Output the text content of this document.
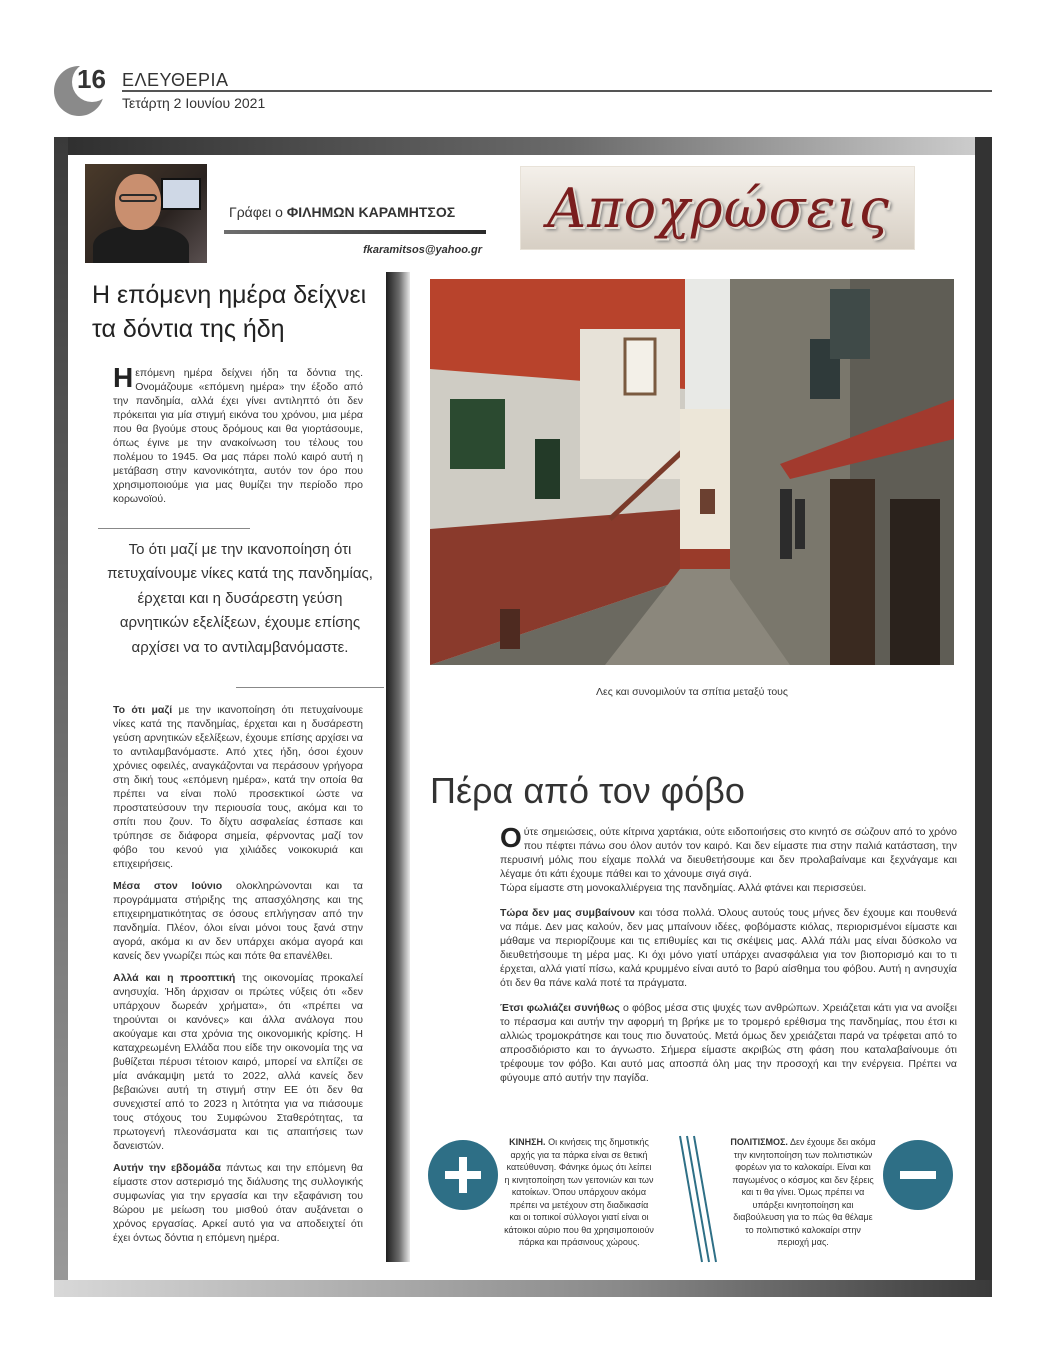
16 ΕΛΕΥΘΕΡΙΑ
Τετάρτη 2 Ιουνίου 2021
Γράφει ο ΦΙΛΗΜΩΝ ΚΑΡΑΜΗΤΣΟΣ
fkaramitsos@yahoo.gr
Αποχρώσεις
Η επόμενη ημέρα δείχνει τα δόντια της ήδη

Ηεπόμενη ημέρα δείχνει ήδη τα δόντια της. Ονομάζουμε «επόμενη ημέρα» την έξοδο από την πανδημία, αλλά έχει γίνει αντιληπτό ότι δεν πρόκειται για μία στιγμή εικόνα του χρόνου, μια μέρα που θα βγούμε στους δρόμους και θα γιορτάσουμε, όπως έγινε με την ανακοίνωση του τέλους του πολέμου το 1945. Θα μας πάρει πολύ καιρό αυτή η μετάβαση στην κανονικότητα, αυτόν τον όρο που χρησιμοποιούμε για μας θυμίζει την περίοδο προ κορωνοϊού.

Το ότι μαζί με την ικανοποίηση ότι πετυχαίνουμε νίκες κατά της πανδημίας, έρχεται και η δυσάρεστη γεύση αρνητικών εξελίξεων, έχουμε επίσης αρχίσει να το αντιλαμβανόμαστε.

Το ότι μαζί με την ικανοποίηση ότι πετυχαίνουμε νίκες κατά της πανδημίας, έρχεται και η δυσάρεστη γεύση αρνητικών εξελίξεων, έχουμε επίσης αρχίσει να το αντιλαμβανόμαστε. Από χτες ήδη, όσοι έχουν χρόνιες οφειλές, αναγκάζονται να περάσουν γρήγορα στη δική τους «επόμενη ημέρα», κατά την οποία θα πρέπει να είναι πολύ προσεκτικοί ώστε να προστατεύσουν την περιουσία τους, ακόμα και το σπίτι που ζουν. Το δίχτυ ασφαλείας έσπασε και τρύπησε σε διάφορα σημεία, φέρνοντας μαζί τον φόβο του κενού για χιλιάδες νοικοκυριά και επιχειρήσεις.

Μέσα στον Ιούνιο ολοκληρώνονται και τα προγράμματα στήριξης της απασχόλησης και της επιχειρηματικότητας σε όσους επλήγησαν από την πανδημία. Πλέον, όλοι είναι μόνοι τους ξανά στην αγορά, ακόμα κι αν δεν υπάρχει ακόμα αγορά και κανείς δεν γνωρίζει πώς και πότε θα επανέλθει.

Αλλά και η προοπτική της οικονομίας προκαλεί ανησυχία. Ήδη άρχισαν οι πρώτες νύξεις ότι «δεν υπάρχουν δωρεάν χρήματα», ότι «πρέπει να τηρούνται οι κανόνες» και άλλα ανάλογα που ακούγαμε και στα χρόνια της οικονομικής κρίσης. Η καταχρεωμένη Ελλάδα που είδε την οικονομία της να βυθίζεται πέρυσι τέτοιον καιρό, μπορεί να ελπίζει σε μία ανάκαμψη μετά το 2022, αλλά κανείς δεν βεβαιώνει αυτή τη στιγμή στην ΕΕ ότι δεν θα συνεχιστεί από το 2023 η λιτότητα για να πιάσουμε τους στόχους του Συμφώνου Σταθερότητας, τα πρωτογενή πλεονάσματα και τις απαιτήσεις των δανειστών.

Αυτήν την εβδομάδα πάντως και την επόμενη θα είμαστε στον αστερισμό της διάλυσης της συλλογικής συμφωνίας για την εργασία και την εξαφάνιση του 8ώρου με μείωση του μισθού όταν αυξάνεται ο χρόνος εργασίας. Αρκεί αυτό για να αποδειχτεί ότι έχει όντως δόντια η επόμενη ημέρα.

Λες και συνομιλούν τα σπίτια μεταξύ τους
Πέρα από τον φόβο

Ούτε σημειώσεις, ούτε κίτρινα χαρτάκια, ούτε ειδοποιήσεις στο κινητό σε σώζουν από το χρόνο που πέφτει πάνω σου όλον αυτόν τον καιρό. Και δεν είμαστε πια στην παλιά κατάσταση, την περυσινή μόλις που είχαμε πολλά να διευθετήσουμε και δεν προλαβαίναμε και ξεχνάγαμε και λέγαμε ότι κάτι έχουμε πάθει και το χάνουμε σιγά σιγά.
Τώρα είμαστε στη μονοκαλλιέργεια της πανδημίας. Αλλά φτάνει και περισσεύει.

Τώρα δεν μας συμβαίνουν και τόσα πολλά. Όλους αυτούς τους μήνες δεν έχουμε και πουθενά να πάμε. Δεν μας καλούν, δεν μας μπαίνουν ιδέες, φοβόμαστε κιόλας, περιορισμένοι είμαστε και μάθαμε να περιορίζουμε και τις επιθυμίες και τις σκέψεις μας. Αλλά πάλι μας είναι δύσκολο να διευθετήσουμε τη μέρα μας. Κι όχι μόνο γιατί υπάρχει ανασφάλεια για τον βιοπορισμό και το τι έρχεται, αλλά γιατί πίσω, καλά κρυμμένο είναι αυτό το βαρύ αίσθημα του φόβου. Αυτή η ανησυχία ότι δεν θα πάνε καλά ποτέ τα πράγματα.

Έτσι φωλιάζει συνήθως ο φόβος μέσα στις ψυχές των ανθρώπων. Χρειάζεται κάτι για να ανοίξει το πέρασμα και αυτήν την αφορμή τη βρήκε με το τρομερό ερέθισμα της πανδημίας, που έτσι κι αλλιώς τρομοκράτησε και τους πιο δυνατούς. Μετά όμως δεν χρειάζεται παρά να τρέφεται από το απροσδιόριστο και το άγνωστο. Σήμερα είμαστε ακριβώς στη φάση που καταλαβαίνουμε ότι τρέφουμε τον φόβο. Και αυτό μας αποσπά όλη μας την προσοχή και την ενέργεια. Πρέπει να φύγουμε από αυτήν την παγίδα.

ΚΙΝΗΣΗ. Οι κινήσεις της δημοτικής αρχής για τα πάρκα είναι σε θετική κατεύθυνση. Φάνηκε όμως ότι λείπει η κινητοποίηση των γειτονιών και των κατοίκων. Όπου υπάρχουν ακόμα πρέπει να μετέχουν στη διαδικασία και οι τοπικοί σύλλογοι γιατί είναι οι κάτοικοι αύριο που θα χρησιμοποιούν πάρκα και πράσινους χώρους.
ΠΟΛΙΤΙΣΜΟΣ. Δεν έχουμε δει ακόμα την κινητοποίηση των πολιτιστικών φορέων για το καλοκαίρι. Είναι και παγωμένος ο κόσμος και δεν ξέρεις και τι θα γίνει. Όμως πρέπει να υπάρξει κινητοποίηση και διαβούλευση για το πώς θα θέλαμε το πολιτιστικό καλοκαίρι στην περιοχή μας.
